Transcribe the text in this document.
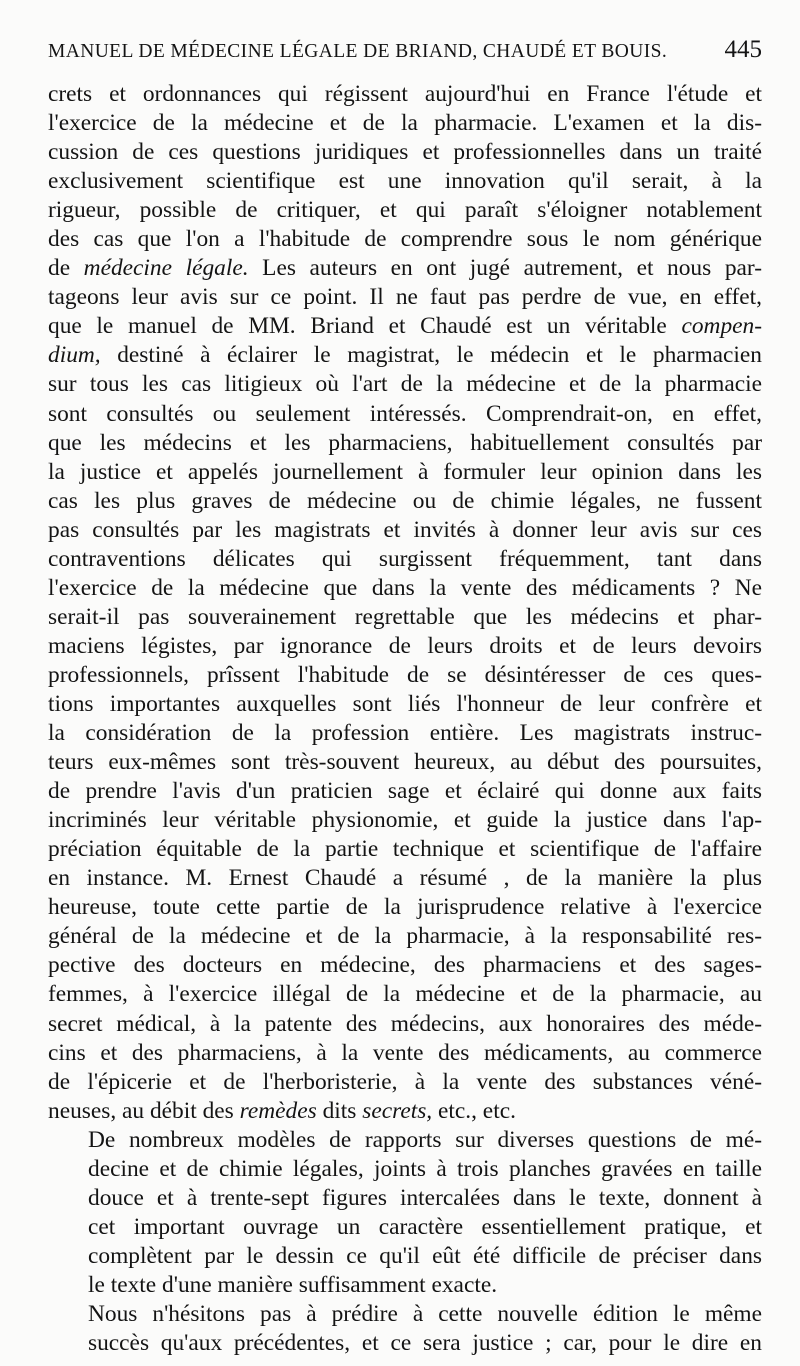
MANUEL DE MÉDECINE LÉGALE DE BRIAND, CHAUDÉ ET BOUIS. 445

crets et ordonnances qui régissent aujourd'hui en France l'étude et
l'exercice de la médecine et de la pharmacie. L'examen et la dis-
cussion de ces questions juridiques et professionnelles dans un traité
exclusivement scientifique est une innovation qu'il serait, à la
rigueur, possible de critiquer, et qui paraît s'éloigner notablement
des cas que l'on a l'habitude de comprendre sous le nom générique
de médecine légale. Les auteurs en ont jugé autrement, et nous par-
tageons leur avis sur ce point. Il ne faut pas perdre de vue, en effet,
que le manuel de MM. Briand et Chaudé est un véritable compen-
dium, destiné à éclairer le magistrat, le médecin et le pharmacien
sur tous les cas litigieux où l'art de la médecine et de la pharmacie
sont consultés ou seulement intéressés. Comprendrait-on, en effet,
que les médecins et les pharmaciens, habituellement consultés par
la justice et appelés journellement à formuler leur opinion dans les
cas les plus graves de médecine ou de chimie légales, ne fussent
pas consultés par les magistrats et invités à donner leur avis sur ces
contraventions délicates qui surgissent fréquemment, tant dans
l'exercice de la médecine que dans la vente des médicaments ? Ne
serait-il pas souverainement regrettable que les médecins et phar-
maciens légistes, par ignorance de leurs droits et de leurs devoirs
professionnels, prîssent l'habitude de se désintéresser de ces ques-
tions importantes auxquelles sont liés l'honneur de leur confrère et
la considération de la profession entière. Les magistrats instruc-
teurs eux-mêmes sont très-souvent heureux, au début des poursuites,
de prendre l'avis d'un praticien sage et éclairé qui donne aux faits
incriminés leur véritable physionomie, et guide la justice dans l'ap-
préciation équitable de la partie technique et scientifique de l'affaire
en instance. M. Ernest Chaudé a résumé , de la manière la plus
heureuse, toute cette partie de la jurisprudence relative à l'exercice
général de la médecine et de la pharmacie, à la responsabilité res-
pective des docteurs en médecine, des pharmaciens et des sages-
femmes, à l'exercice illégal de la médecine et de la pharmacie, au
secret médical, à la patente des médecins, aux honoraires des méde-
cins et des pharmaciens, à la vente des médicaments, au commerce
de l'épicerie et de l'herboristerie, à la vente des substances véné-
neuses, au débit des remèdes dits secrets, etc., etc.

De nombreux modèles de rapports sur diverses questions de mé-
decine et de chimie légales, joints à trois planches gravées en taille
douce et à trente-sept figures intercalées dans le texte, donnent à
cet important ouvrage un caractère essentiellement pratique, et
complètent par le dessin ce qu'il eût été difficile de préciser dans
le texte d'une manière suffisamment exacte.

Nous n'hésitons pas à prédire à cette nouvelle édition le même
succès qu'aux précédentes, et ce sera justice ; car, pour le dire en
